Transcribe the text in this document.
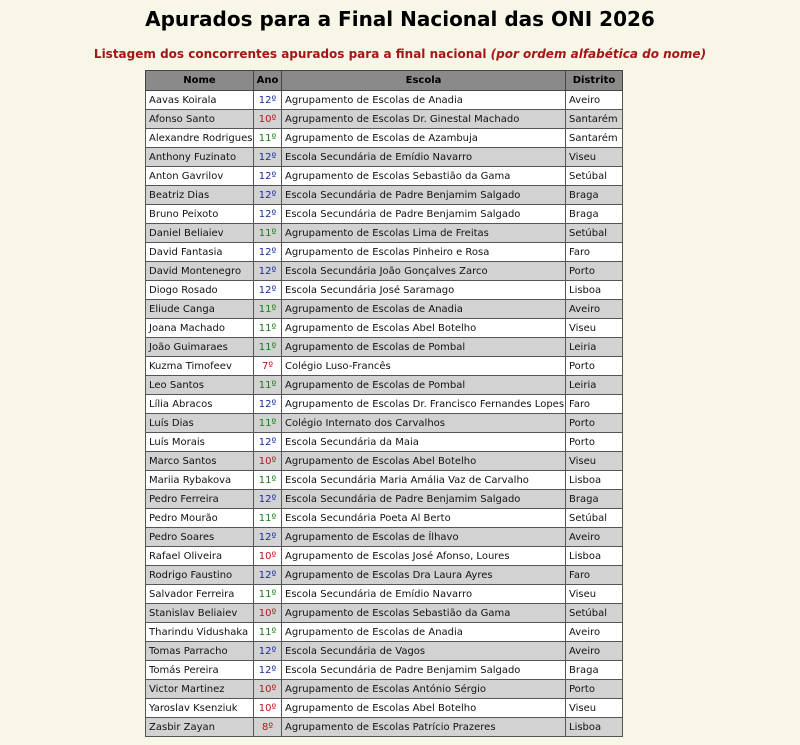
Apurados para a Final Nacional das ONI 2026
Listagem dos concorrentes apurados para a final nacional (por ordem alfabética do nome)
Nome	Ano	Escola	Distrito
Aavas Koirala	12º	Agrupamento de Escolas de Anadia	Aveiro
Afonso Santo	10º	Agrupamento de Escolas Dr. Ginestal Machado	Santarém
Alexandre Rodrigues	11º	Agrupamento de Escolas de Azambuja	Santarém
Anthony Fuzinato	12º	Escola Secundária de Emídio Navarro	Viseu
Anton Gavrilov	12º	Agrupamento de Escolas Sebastião da Gama	Setúbal
Beatriz Dias	12º	Escola Secundária de Padre Benjamim Salgado	Braga
Bruno Peixoto	12º	Escola Secundária de Padre Benjamim Salgado	Braga
Daniel Beliaiev	11º	Agrupamento de Escolas Lima de Freitas	Setúbal
David Fantasia	12º	Agrupamento de Escolas Pinheiro e Rosa	Faro
David Montenegro	12º	Escola Secundária João Gonçalves Zarco	Porto
Diogo Rosado	12º	Escola Secundária José Saramago	Lisboa
Eliude Canga	11º	Agrupamento de Escolas de Anadia	Aveiro
Joana Machado	11º	Agrupamento de Escolas Abel Botelho	Viseu
João Guimaraes	11º	Agrupamento de Escolas de Pombal	Leiria
Kuzma Timofeev	7º	Colégio Luso-Francês	Porto
Leo Santos	11º	Agrupamento de Escolas de Pombal	Leiria
Lília Abracos	12º	Agrupamento de Escolas Dr. Francisco Fernandes Lopes	Faro
Luís Dias	11º	Colégio Internato dos Carvalhos	Porto
Luís Morais	12º	Escola Secundária da Maia	Porto
Marco Santos	10º	Agrupamento de Escolas Abel Botelho	Viseu
Mariia Rybakova	11º	Escola Secundária Maria Amália Vaz de Carvalho	Lisboa
Pedro Ferreira	12º	Escola Secundária de Padre Benjamim Salgado	Braga
Pedro Mourão	11º	Escola Secundária Poeta Al Berto	Setúbal
Pedro Soares	12º	Agrupamento de Escolas de Ílhavo	Aveiro
Rafael Oliveira	10º	Agrupamento de Escolas José Afonso, Loures	Lisboa
Rodrigo Faustino	12º	Agrupamento de Escolas Dra Laura Ayres	Faro
Salvador Ferreira	11º	Escola Secundária de Emídio Navarro	Viseu
Stanislav Beliaiev	10º	Agrupamento de Escolas Sebastião da Gama	Setúbal
Tharindu Vidushaka	11º	Agrupamento de Escolas de Anadia	Aveiro
Tomas Parracho	12º	Escola Secundária de Vagos	Aveiro
Tomás Pereira	12º	Escola Secundária de Padre Benjamim Salgado	Braga
Victor Martinez	10º	Agrupamento de Escolas António Sérgio	Porto
Yaroslav Ksenziuk	10º	Agrupamento de Escolas Abel Botelho	Viseu
Zasbir Zayan	8º	Agrupamento de Escolas Patrício Prazeres	Lisboa
